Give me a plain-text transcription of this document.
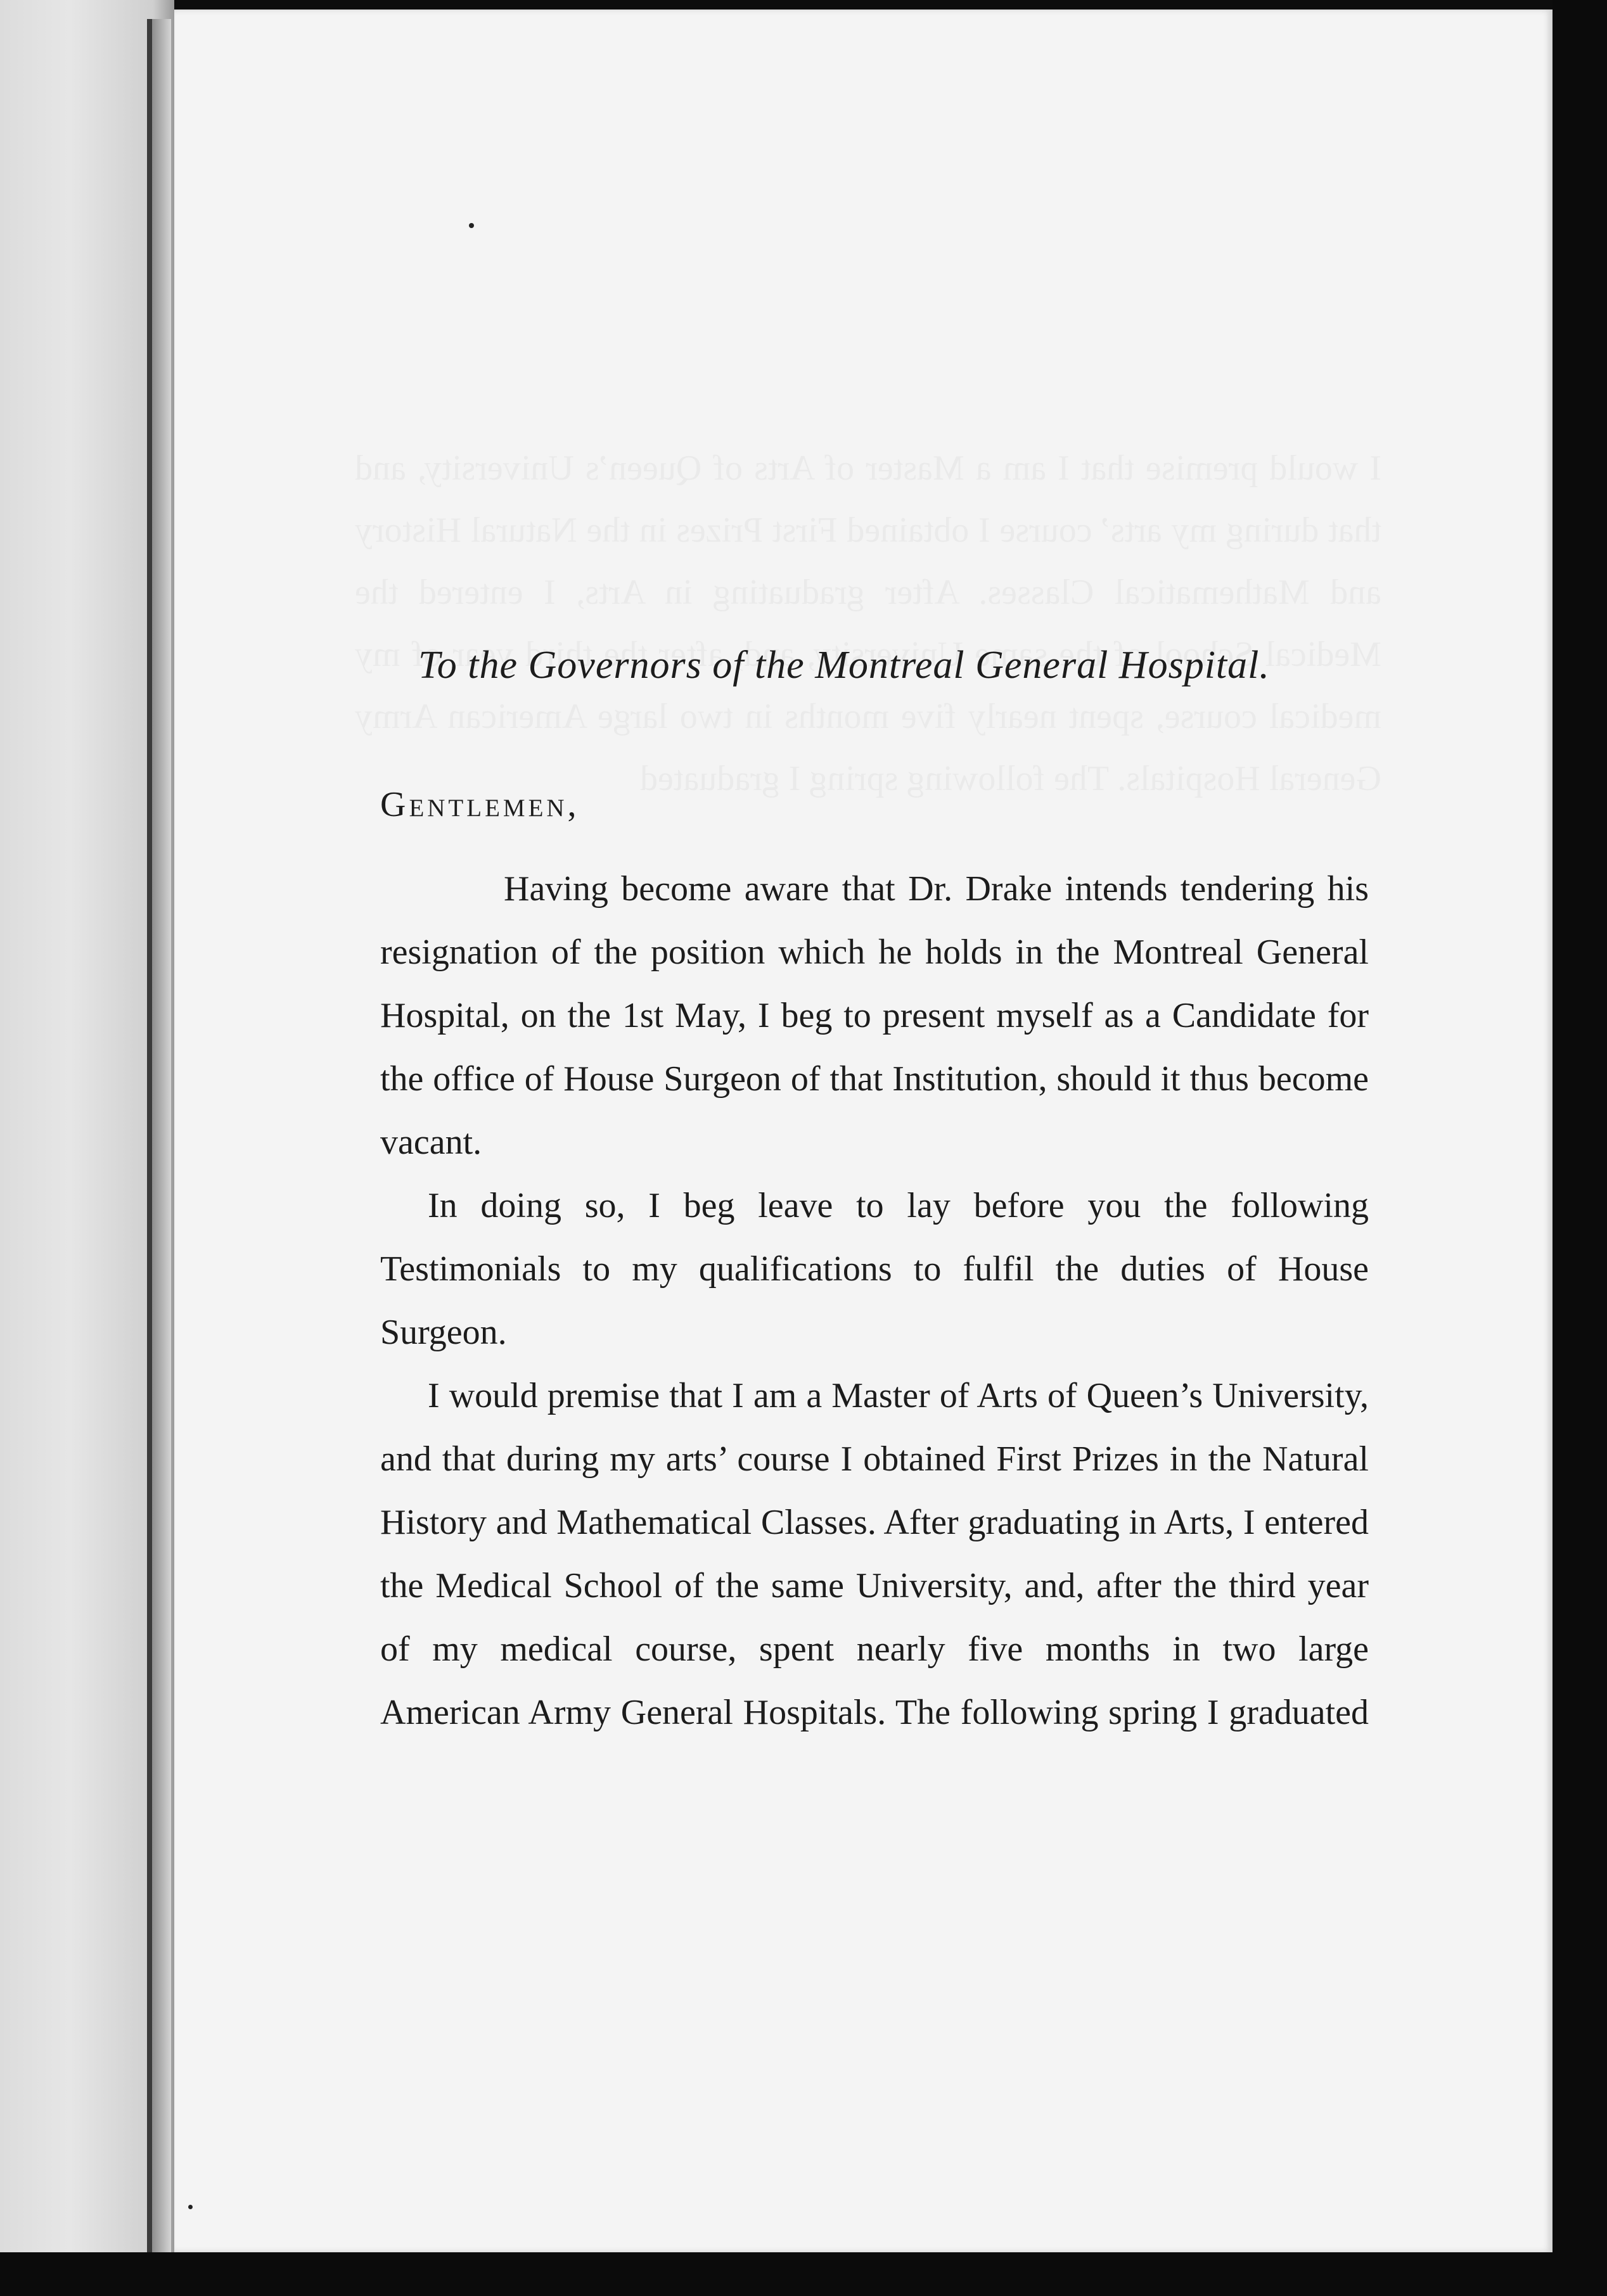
To the Governors of the Montreal General Hospital.
Gentlemen,

Having become aware that Dr. Drake intends tendering his resignation of the position which he holds in the Montreal General Hospital, on the 1st May, I beg to present myself as a Candidate for the office of House Surgeon of that Institution, should it thus become vacant.

In doing so, I beg leave to lay before you the following Testimonials to my qualifications to fulfil the duties of House Surgeon.

I would premise that I am a Master of Arts of Queen’s University, and that during my arts’ course I obtained First Prizes in the Natural History and Mathematical Classes. After graduating in Arts, I entered the Medical School of the same University, and, after the third year of my medical course, spent nearly five months in two large American Army General Hospitals. The following spring I graduated
